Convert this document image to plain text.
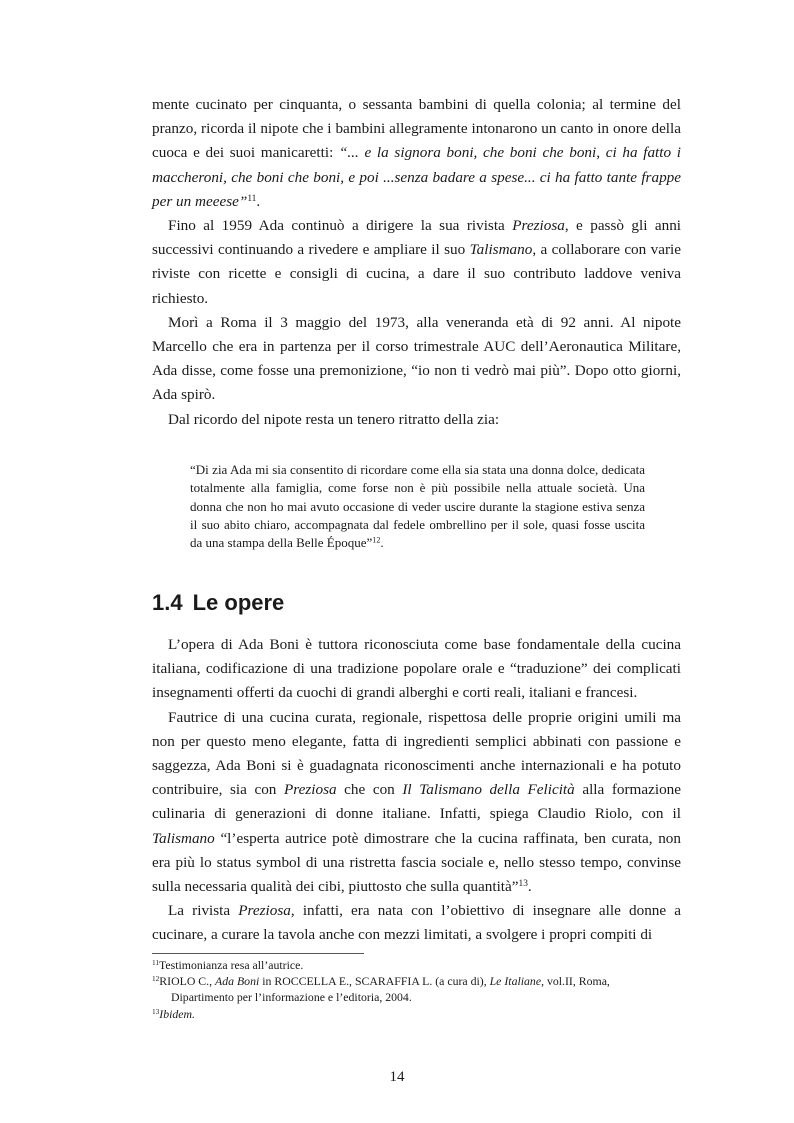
mente cucinato per cinquanta, o sessanta bambini di quella colonia; al termine del pranzo, ricorda il nipote che i bambini allegramente intonarono un canto in onore della cuoca e dei suoi manicaretti: “... e la signora boni, che boni che boni, ci ha fatto i maccheroni, che boni che boni, e poi ...senza badare a spese... ci ha fatto tante frappe per un meeese”$^{11}$.

Fino al 1959 Ada continuò a dirigere la sua rivista Preziosa, e passò gli anni successivi continuando a rivedere e ampliare il suo Talismano, a collaborare con varie riviste con ricette e consigli di cucina, a dare il suo contributo laddove veniva richiesto.

Morì a Roma il 3 maggio del 1973, alla veneranda età di 92 anni. Al nipote Marcello che era in partenza per il corso trimestrale AUC dell’Aeronautica Militare, Ada disse, come fosse una premonizione, “io non ti vedrò mai più”. Dopo otto giorni, Ada spirò.

Dal ricordo del nipote resta un tenero ritratto della zia:

“Di zia Ada mi sia consentito di ricordare come ella sia stata una donna dolce, dedicata totalmente alla famiglia, come forse non è più possibile nella attuale società. Una donna che non ho mai avuto occasione di veder uscire durante la stagione estiva senza il suo abito chiaro, accompagnata dal fedele ombrellino per il sole, quasi fosse uscita da una stampa della Belle Époque”$^{12}$.

1.4 Le opere

L’opera di Ada Boni è tuttora riconosciuta come base fondamentale della cucina italiana, codificazione di una tradizione popolare orale e “traduzione” dei complicati insegnamenti offerti da cuochi di grandi alberghi e corti reali, italiani e francesi.

Fautrice di una cucina curata, regionale, rispettosa delle proprie origini umili ma non per questo meno elegante, fatta di ingredienti semplici abbinati con passione e saggezza, Ada Boni si è guadagnata riconoscimenti anche internazionali e ha potuto contribuire, sia con Preziosa che con Il Talismano della Felicità alla formazione culinaria di generazioni di donne italiane. Infatti, spiega Claudio Riolo, con il Talismano “l’esperta autrice potè dimostrare che la cucina raffinata, ben curata, non era più lo status symbol di una ristretta fascia sociale e, nello stesso tempo, convinse sulla necessaria qualità dei cibi, piuttosto che sulla quantità”$^{13}$.

La rivista Preziosa, infatti, era nata con l’obiettivo di insegnare alle donne a cucinare, a curare la tavola anche con mezzi limitati, a svolgere i propri compiti di

$^{11}$Testimonianza resa all’autrice.

$^{12}$RIOLO C., Ada Boni in ROCCELLA E., SCARAFFIA L. (a cura di), Le Italiane, vol.II, Roma,

Dipartimento per l’informazione e l’editoria, 2004.

$^{13}$Ibidem.

14
